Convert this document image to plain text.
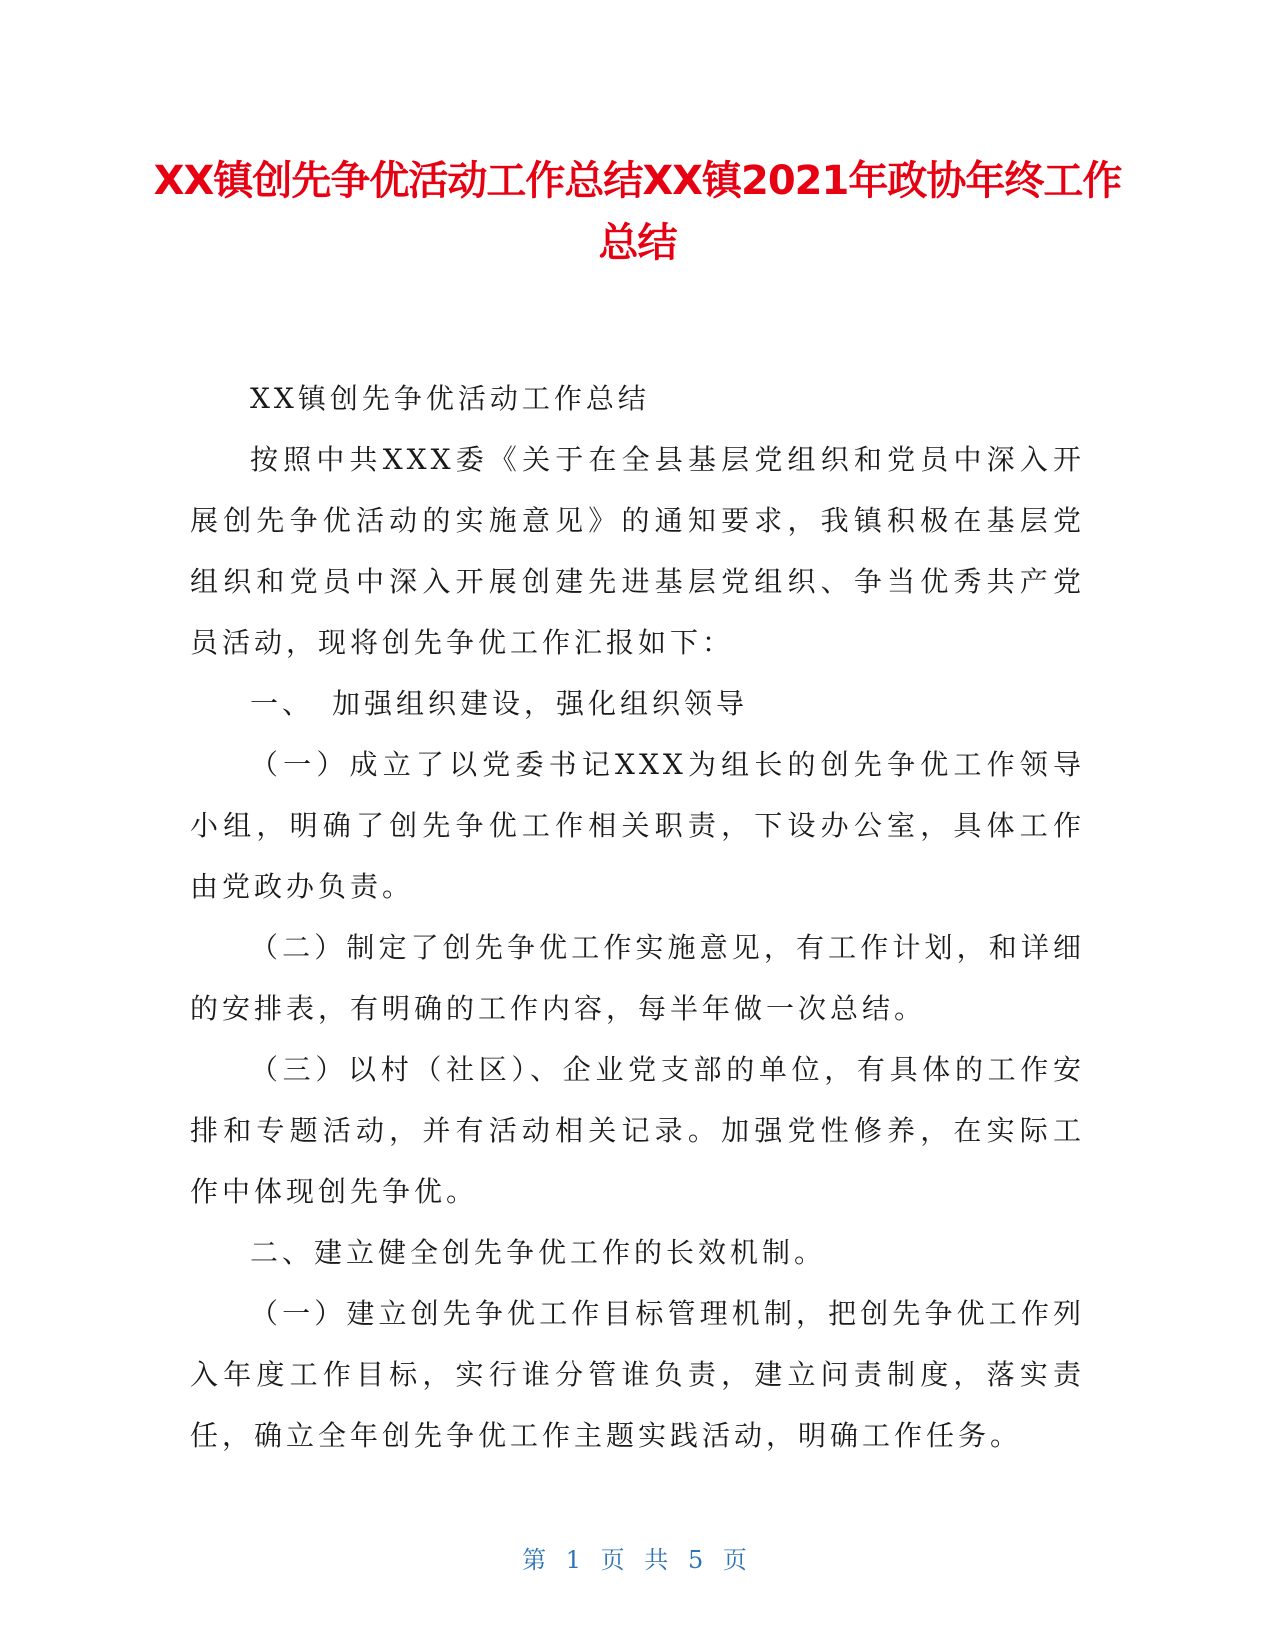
XX镇创先争优活动工作总结XX镇2021年政协年终工作总结

XX镇创先争优活动工作总结

按照中共XXX委《关于在全县基层党组织和党员中深入开展创先争优活动的实施意见》的通知要求，我镇积极在基层党组织和党员中深入开展创建先进基层党组织、争当优秀共产党员活动，现将创先争优工作汇报如下：

一、　加强组织建设，强化组织领导

（一）成立了以党委书记XXX为组长的创先争优工作领导小组，明确了创先争优工作相关职责，下设办公室，具体工作由党政办负责。

（二）制定了创先争优工作实施意见，有工作计划，和详细的安排表，有明确的工作内容，每半年做一次总结。

（三）以村（社区）、企业党支部的单位，有具体的工作安排和专题活动，并有活动相关记录。加强党性修养，在实际工作中体现创先争优。

二、建立健全创先争优工作的长效机制。

（一）建立创先争优工作目标管理机制，把创先争优工作列入年度工作目标，实行谁分管谁负责，建立问责制度，落实责任，确立全年创先争优工作主题实践活动，明确工作任务。

第 1 页 共 5 页
